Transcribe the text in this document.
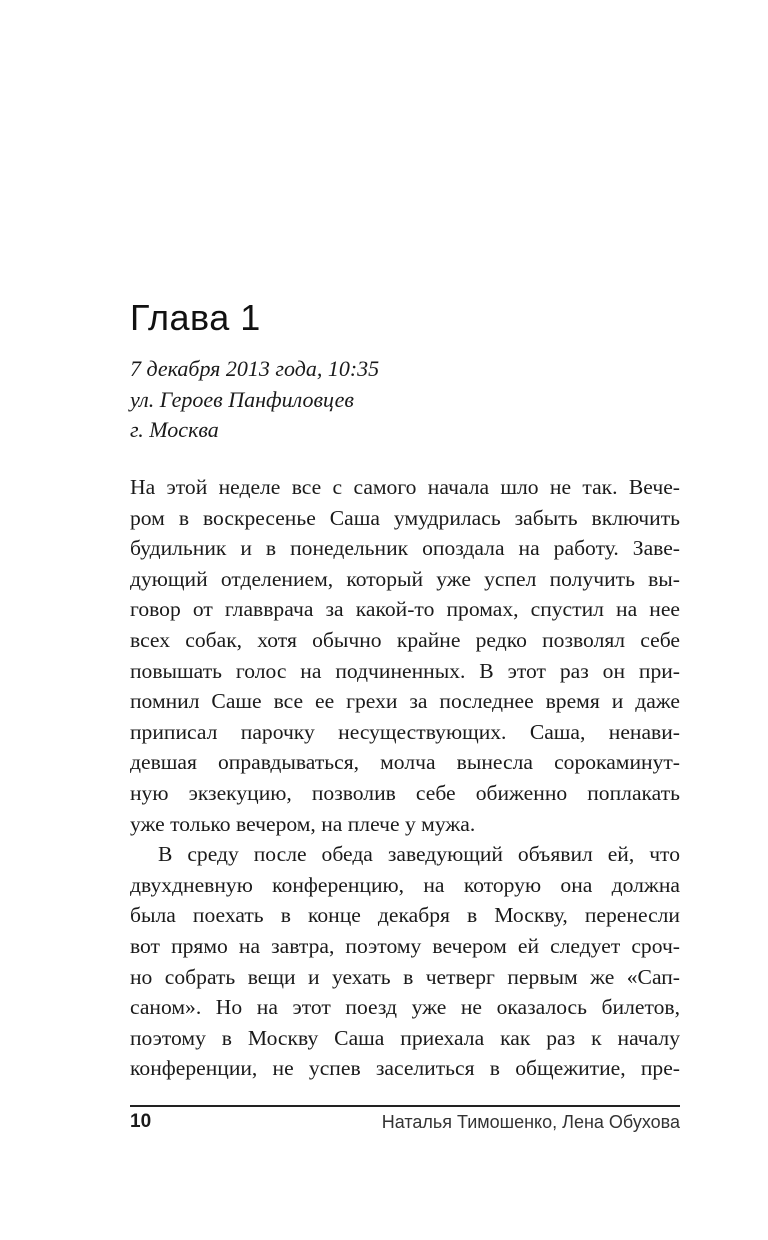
Глава 1
7 декабря 2013 года, 10:35
ул. Героев Панфиловцев
г. Москва
На этой неделе все с самого начала шло не так. Вече-
ром в воскресенье Саша умудрилась забыть включить
будильник и в понедельник опоздала на работу. Заве-
дующий отделением, который уже успел получить вы-
говор от главврача за какой-то промах, спустил на нее
всех собак, хотя обычно крайне редко позволял себе
повышать голос на подчиненных. В этот раз он при-
помнил Саше все ее грехи за последнее время и даже
приписал парочку несуществующих. Саша, ненави-
девшая оправдываться, молча вынесла сорокаминут-
ную экзекуцию, позволив себе обиженно поплакать
уже только вечером, на плече у мужа.
В среду после обеда заведующий объявил ей, что
двухдневную конференцию, на которую она должна
была поехать в конце декабря в Москву, перенесли
вот прямо на завтра, поэтому вечером ей следует сроч-
но собрать вещи и уехать в четверг первым же «Сап-
саном». Но на этот поезд уже не оказалось билетов,
поэтому в Москву Саша приехала как раз к началу
конференции, не успев заселиться в общежитие, пре-
10	Наталья Тимошенко, Лена Обухова
